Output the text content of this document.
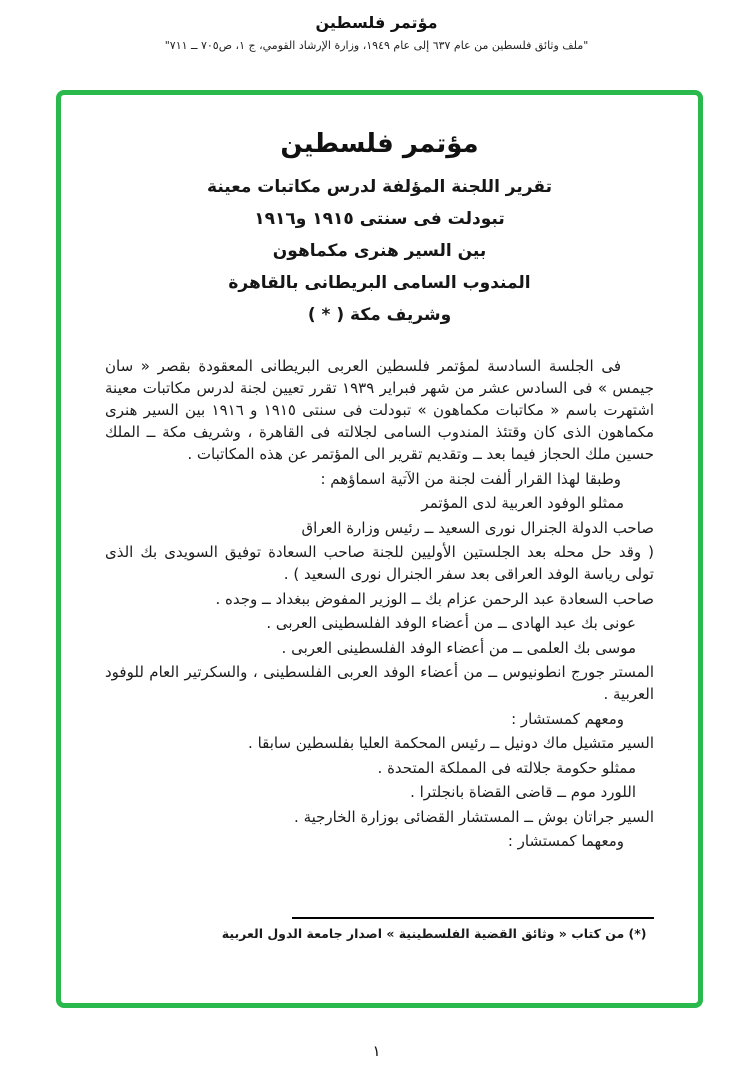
مؤتمر فلسطين
"ملف وثائق فلسطين من عام ٦٣٧ إلى عام ١٩٤٩، وزارة الإرشاد القومي، ج ١، ص٧٠٥ ــ ٧١١"
مؤتمر فلسطين
تقرير اللجنة المؤلفة لدرس مكاتبات معينة
تبودلت فى سنتى ١٩١٥ و١٩١٦
بين السير هنرى مكماهون
المندوب السامى البريطانى بالقاهرة
وشريف مكة ( * )

فى الجلسة السادسة لمؤتمر فلسطين العربى البريطانى المعقودة بقصر « سان جيمس » فى السادس عشر من شهر فبراير ١٩٣٩ تقرر تعيين لجنة لدرس مكاتبات معينة اشتهرت باسم « مكاتبات مكماهون » تبودلت فى سنتى ١٩١٥ و ١٩١٦ بين السير هنرى مكماهون الذى كان وقتئذ المندوب السامى لجلالته فى القاهرة ، وشريف مكة ــ الملك حسين ملك الحجاز فيما بعد ــ وتقديم تقرير الى المؤتمر عن هذه المكاتبات .

وطبقا لهذا القرار ألفت لجنة من الآتية اسماؤهم :

ممثلو الوفود العربية لدى المؤتمر

صاحب الدولة الجنرال نورى السعيد ــ رئيس وزارة العراق

( وقد حل محله بعد الجلستين الأوليين للجنة صاحب السعادة توفيق السويدى بك الذى تولى رياسة الوفد العراقى بعد سفر الجنرال نورى السعيد ) .

صاحب السعادة عبد الرحمن عزام بك ــ الوزير المفوض ببغداد ــ وجده .

عونى بك عبد الهادى ــ من أعضاء الوفد الفلسطينى العربى .

موسى بك العلمى ــ من أعضاء الوفد الفلسطينى العربى .

المستر جورج انطونيوس ــ من أعضاء الوفد العربى الفلسطينى ، والسكرتير العام للوفود العربية .

ومعهم كمستشار :

السير متشيل ماك دونيل ــ رئيس المحكمة العليا بفلسطين سابقا .

ممثلو حكومة جلالته فى المملكة المتحدة .

اللورد موم ــ قاضى القضاة بانجلترا .

السير جراتان بوش ــ المستشار القضائى بوزارة الخارجية .

ومعهما كمستشار :

(*) من كتاب « وثائق القضية الفلسطينية » اصدار جامعة الدول العربية
١
